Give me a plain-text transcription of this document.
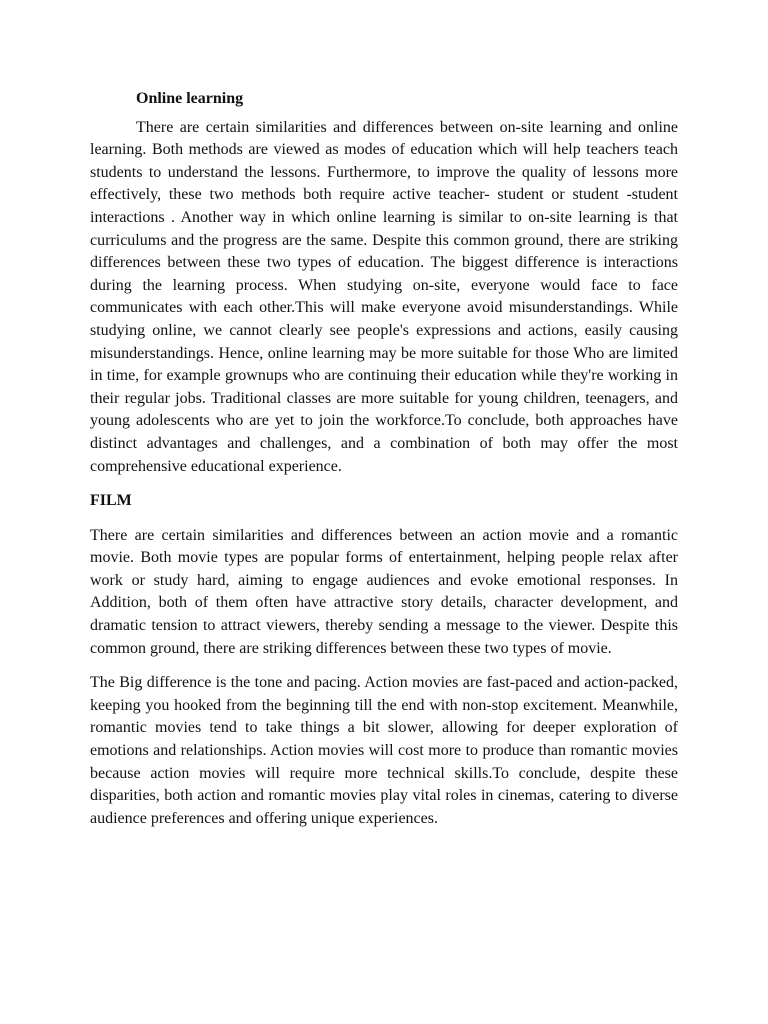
Online learning

There are certain similarities and differences between on-site learning and online learning. Both methods are viewed as modes of education which will help teachers teach students to understand the lessons. Furthermore, to improve the quality of lessons more effectively, these two methods both require active teacher- student or student -student interactions . Another way in which online learning is similar to on-site learning is that curriculums and the progress are the same. Despite this common ground, there are striking differences between these two types of education. The biggest difference is interactions during the learning process. When studying on-site, everyone would face to face communicates with each other.This will make everyone avoid misunderstandings. While studying online, we cannot clearly see people's expressions and actions, easily causing misunderstandings. Hence, online learning may be more suitable for those Who are limited in time, for example grownups who are continuing their education while they're working in their regular jobs. Traditional classes are more suitable for young children, teenagers, and young adolescents who are yet to join the workforce.To conclude, both approaches have distinct advantages and challenges, and a combination of both may offer the most comprehensive educational experience.

FILM

There are certain similarities and differences between an action movie and a romantic movie. Both movie types are popular forms of entertainment, helping people relax after work or study hard, aiming to engage audiences and evoke emotional responses. In Addition, both of them often have attractive story details, character development, and dramatic tension to attract viewers, thereby sending a message to the viewer. Despite this common ground, there are striking differences between these two types of movie.

The Big difference is the tone and pacing. Action movies are fast-paced and action-packed, keeping you hooked from the beginning till the end with non-stop excitement. Meanwhile, romantic movies tend to take things a bit slower, allowing for deeper exploration of emotions and relationships. Action movies will cost more to produce than romantic movies because action movies will require more technical skills.To conclude, despite these disparities, both action and romantic movies play vital roles in cinemas, catering to diverse audience preferences and offering unique experiences.
